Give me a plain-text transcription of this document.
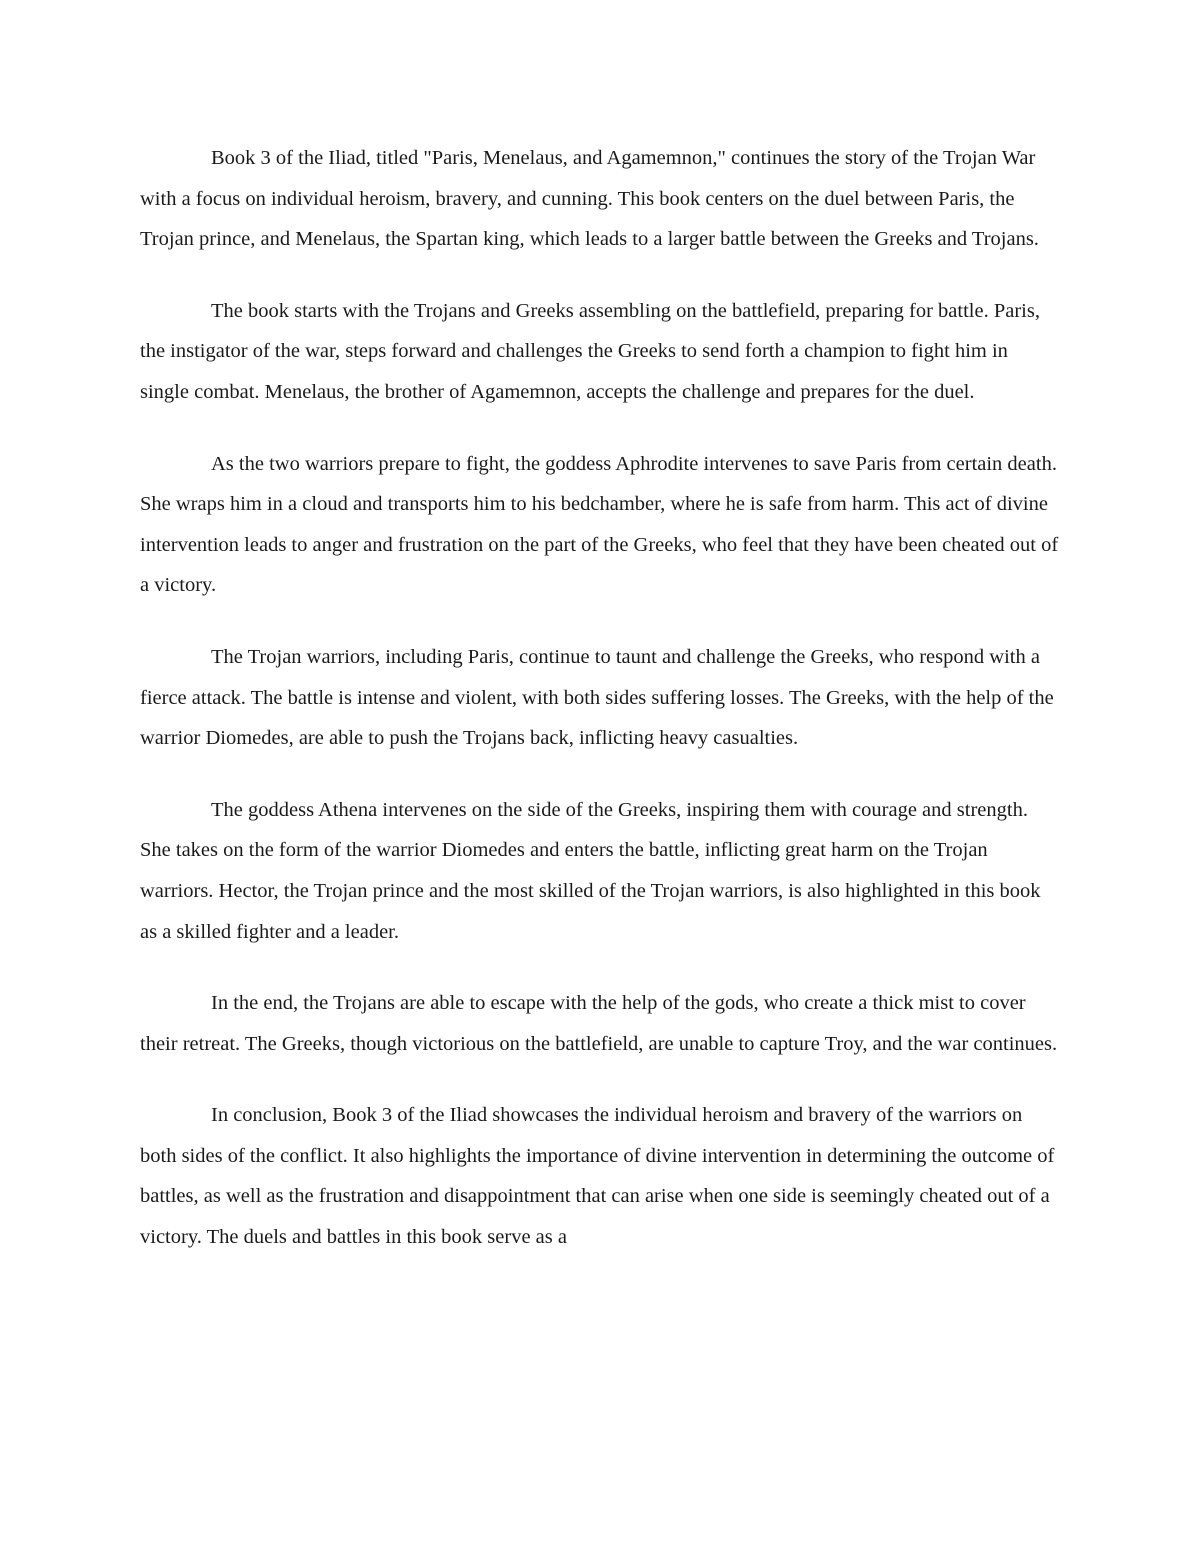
Book 3 of the Iliad, titled "Paris, Menelaus, and Agamemnon," continues the story of the Trojan War with a focus on individual heroism, bravery, and cunning. This book centers on the duel between Paris, the Trojan prince, and Menelaus, the Spartan king, which leads to a larger battle between the Greeks and Trojans.

The book starts with the Trojans and Greeks assembling on the battlefield, preparing for battle. Paris, the instigator of the war, steps forward and challenges the Greeks to send forth a champion to fight him in single combat. Menelaus, the brother of Agamemnon, accepts the challenge and prepares for the duel.

As the two warriors prepare to fight, the goddess Aphrodite intervenes to save Paris from certain death. She wraps him in a cloud and transports him to his bedchamber, where he is safe from harm. This act of divine intervention leads to anger and frustration on the part of the Greeks, who feel that they have been cheated out of a victory.

The Trojan warriors, including Paris, continue to taunt and challenge the Greeks, who respond with a fierce attack. The battle is intense and violent, with both sides suffering losses. The Greeks, with the help of the warrior Diomedes, are able to push the Trojans back, inflicting heavy casualties.

The goddess Athena intervenes on the side of the Greeks, inspiring them with courage and strength. She takes on the form of the warrior Diomedes and enters the battle, inflicting great harm on the Trojan warriors. Hector, the Trojan prince and the most skilled of the Trojan warriors, is also highlighted in this book as a skilled fighter and a leader.

In the end, the Trojans are able to escape with the help of the gods, who create a thick mist to cover their retreat. The Greeks, though victorious on the battlefield, are unable to capture Troy, and the war continues.

In conclusion, Book 3 of the Iliad showcases the individual heroism and bravery of the warriors on both sides of the conflict. It also highlights the importance of divine intervention in determining the outcome of battles, as well as the frustration and disappointment that can arise when one side is seemingly cheated out of a victory. The duels and battles in this book serve as a
